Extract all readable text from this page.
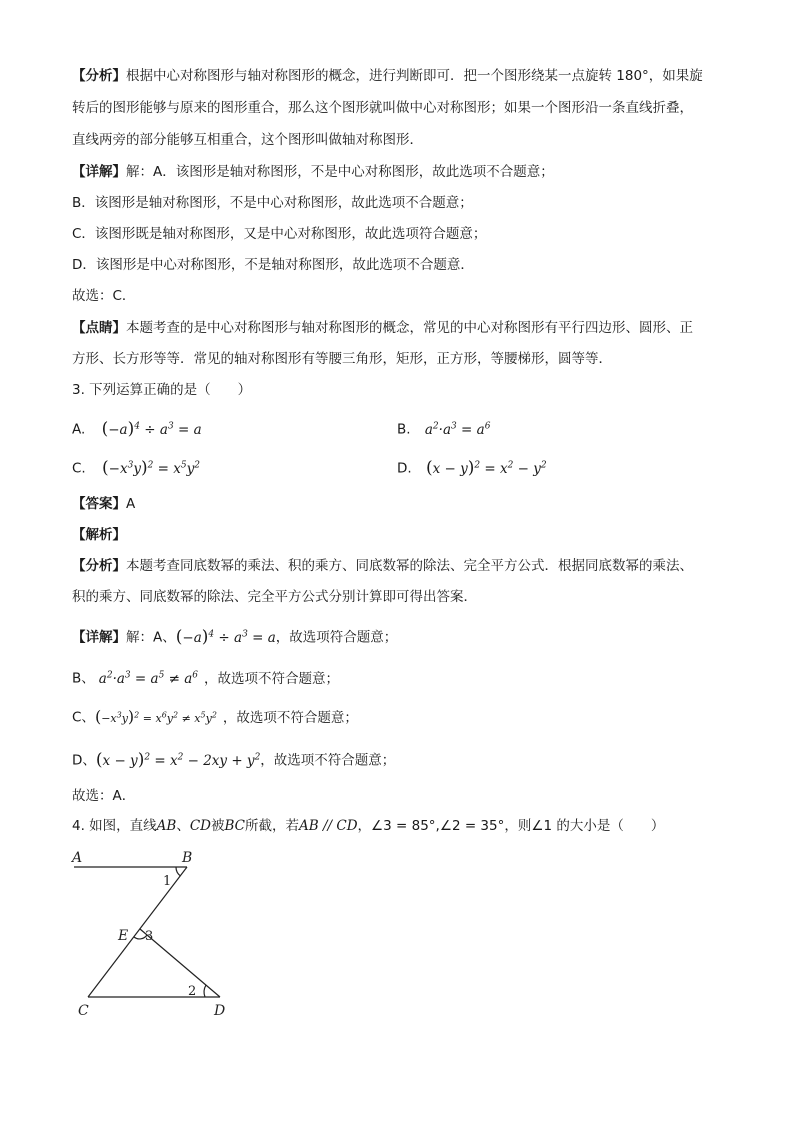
【分析】根据中心对称图形与轴对称图形的概念，进行判断即可．把一个图形绕某一点旋转 180°，如果旋
转后的图形能够与原来的图形重合，那么这个图形就叫做中心对称图形；如果一个图形沿一条直线折叠，
直线两旁的部分能够互相重合，这个图形叫做轴对称图形．
【详解】解：A．该图形是轴对称图形，不是中心对称图形，故此选项不合题意；
B．该图形是轴对称图形，不是中心对称图形，故此选项不合题意；
C．该图形既是轴对称图形，又是中心对称图形，故此选项符合题意；
D．该图形是中心对称图形，不是轴对称图形，故此选项不合题意．
故选：C．
【点睛】本题考查的是中心对称图形与轴对称图形的概念，常见的中心对称图形有平行四边形、圆形、正
方形、长方形等等．常见的轴对称图形有等腰三角形，矩形，正方形，等腰梯形，圆等等．
3. 下列运算正确的是（　　）
A. $(-a)^4 \div a^3 = a$	B. $a^2\cdot a^3 = a^6$
C. $(-x^3y)^2 = x^5y^2$	D. $(x - y)^2 = x^2 - y^2$
【答案】A
【解析】
【分析】本题考查同底数幂的乘法、积的乘方、同底数幂的除法、完全平方公式．根据同底数幂的乘法、
积的乘方、同底数幂的除法、完全平方公式分别计算即可得出答案．
【详解】解：A、$(-a)^4 \div a^3 = a$，故选项符合题意；
B、 $a^2\cdot a^3 = a^5 \ne a^6$ ，故选项不符合题意；
C、$(-x^3y)^2 = x^6y^2 \ne x^5y^2$ ，故选项不符合题意；
D、$(x - y)^2 = x^2 - 2xy + y^2$，故选项不符合题意；
故选：A．
4. 如图，直线AB、CD被BC所截，若AB // CD，∠3 = 85°,∠2 = 35°，则∠1 的大小是（　　）
A	B
E
C	D
1
3
2
